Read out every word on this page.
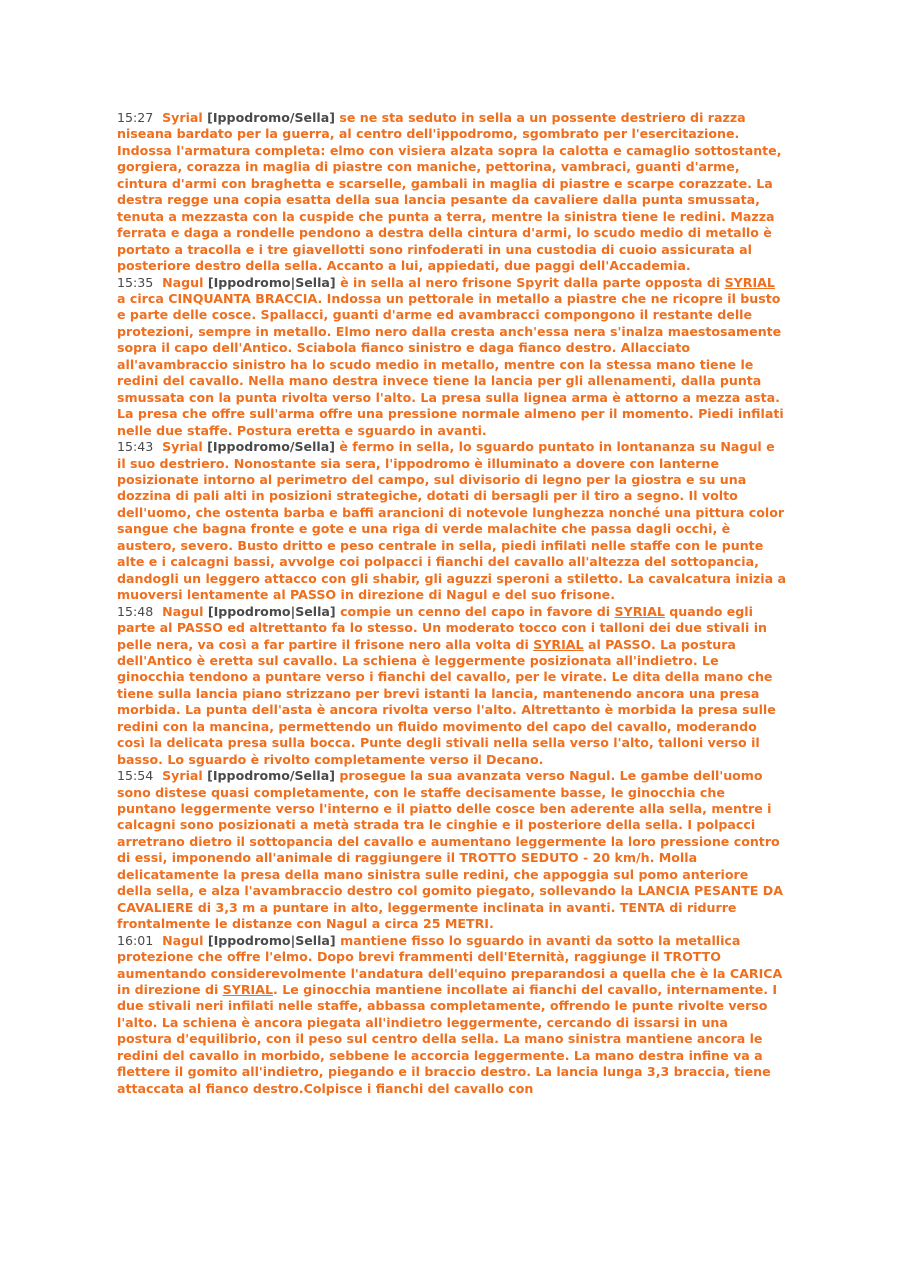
15:27 Syrial [Ippodromo/Sella] se ne sta seduto in sella a un possente destriero di razza niseana bardato per la guerra, al centro dell'ippodromo, sgombrato per l'esercitazione. Indossa l'armatura completa: elmo con visiera alzata sopra la calotta e camaglio sottostante, gorgiera, corazza in maglia di piastre con maniche, pettorina, vambraci, guanti d'arme, cintura d'armi con braghetta e scarselle, gambali in maglia di piastre e scarpe corazzate. La destra regge una copia esatta della sua lancia pesante da cavaliere dalla punta smussata, tenuta a mezzasta con la cuspide che punta a terra, mentre la sinistra tiene le redini. Mazza ferrata e daga a rondelle pendono a destra della cintura d'armi, lo scudo medio di metallo è portato a tracolla e i tre giavellotti sono rinfoderati in una custodia di cuoio assicurata al posteriore destro della sella. Accanto a lui, appiedati, due paggi dell'Accademia.

15:35 Nagul [Ippodromo|Sella] è in sella al nero frisone Spyrit dalla parte opposta di SYRIAL a circa CINQUANTA BRACCIA. Indossa un pettorale in metallo a piastre che ne ricopre il busto e parte delle cosce. Spallacci, guanti d'arme ed avambracci compongono il restante delle protezioni, sempre in metallo. Elmo nero dalla cresta anch'essa nera s'inalza maestosamente sopra il capo dell'Antico. Sciabola fianco sinistro e daga fianco destro. Allacciato all'avambraccio sinistro ha lo scudo medio in metallo, mentre con la stessa mano tiene le redini del cavallo. Nella mano destra invece tiene la lancia per gli allenamenti, dalla punta smussata con la punta rivolta verso l'alto. La presa sulla lignea arma è attorno a mezza asta. La presa che offre sull'arma offre una pressione normale almeno per il momento. Piedi infilati nelle due staffe. Postura eretta e sguardo in avanti.

15:43 Syrial [Ippodromo/Sella] è fermo in sella, lo sguardo puntato in lontananza su Nagul e il suo destriero. Nonostante sia sera, l'ippodromo è illuminato a dovere con lanterne posizionate intorno al perimetro del campo, sul divisorio di legno per la giostra e su una dozzina di pali alti in posizioni strategiche, dotati di bersagli per il tiro a segno. Il volto dell'uomo, che ostenta barba e baffi arancioni di notevole lunghezza nonché una pittura color sangue che bagna fronte e gote e una riga di verde malachite che passa dagli occhi, è austero, severo. Busto dritto e peso centrale in sella, piedi infilati nelle staffe con le punte alte e i calcagni bassi, avvolge coi polpacci i fianchi del cavallo all'altezza del sottopancia, dandogli un leggero attacco con gli shabir, gli aguzzi speroni a stiletto. La cavalcatura inizia a muoversi lentamente al PASSO in direzione di Nagul e del suo frisone.

15:48 Nagul [Ippodromo|Sella] compie un cenno del capo in favore di SYRIAL quando egli parte al PASSO ed altrettanto fa lo stesso. Un moderato tocco con i talloni dei due stivali in pelle nera, va così a far partire il frisone nero alla volta di SYRIAL al PASSO. La postura dell'Antico è eretta sul cavallo. La schiena è leggermente posizionata all'indietro. Le ginocchia tendono a puntare verso i fianchi del cavallo, per le virate. Le dita della mano che tiene sulla lancia piano strizzano per brevi istanti la lancia, mantenendo ancora una presa morbida. La punta dell'asta è ancora rivolta verso l'alto. Altrettanto è morbida la presa sulle redini con la mancina, permettendo un fluido movimento del capo del cavallo, moderando così la delicata presa sulla bocca. Punte degli stivali nella sella verso l'alto, talloni verso il basso. Lo sguardo è rivolto completamente verso il Decano.

15:54 Syrial [Ippodromo/Sella] prosegue la sua avanzata verso Nagul. Le gambe dell'uomo sono distese quasi completamente, con le staffe decisamente basse, le ginocchia che puntano leggermente verso l'interno e il piatto delle cosce ben aderente alla sella, mentre i calcagni sono posizionati a metà strada tra le cinghie e il posteriore della sella. I polpacci arretrano dietro il sottopancia del cavallo e aumentano leggermente la loro pressione contro di essi, imponendo all'animale di raggiungere il TROTTO SEDUTO - 20 km/h. Molla delicatamente la presa della mano sinistra sulle redini, che appoggia sul pomo anteriore della sella, e alza l'avambraccio destro col gomito piegato, sollevando la LANCIA PESANTE DA CAVALIERE di 3,3 m a puntare in alto, leggermente inclinata in avanti. TENTA di ridurre frontalmente le distanze con Nagul a circa 25 METRI.

16:01 Nagul [Ippodromo|Sella] mantiene fisso lo sguardo in avanti da sotto la metallica protezione che offre l'elmo. Dopo brevi frammenti dell'Eternità, raggiunge il TROTTO aumentando considerevolmente l'andatura dell'equino preparandosi a quella che è la CARICA in direzione di SYRIAL. Le ginocchia mantiene incollate ai fianchi del cavallo, internamente. I due stivali neri infilati nelle staffe, abbassa completamente, offrendo le punte rivolte verso l'alto. La schiena è ancora piegata all'indietro leggermente, cercando di issarsi in una postura d'equilibrio, con il peso sul centro della sella. La mano sinistra mantiene ancora le redini del cavallo in morbido, sebbene le accorcia leggermente. La mano destra infine va a flettere il gomito all'indietro, piegando e il braccio destro. La lancia lunga 3,3 braccia, tiene attaccata al fianco destro.Colpisce i fianchi del cavallo con
